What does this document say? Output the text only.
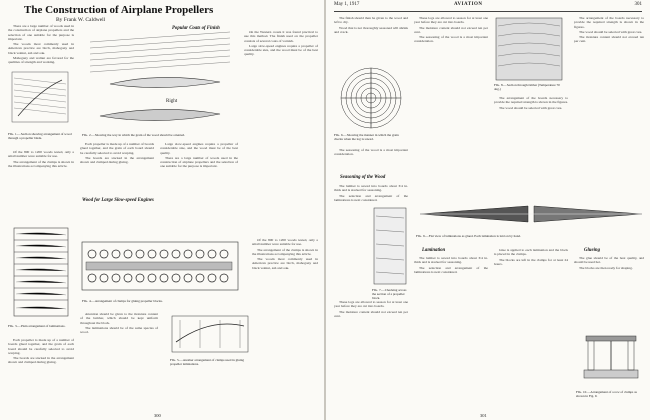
The Construction of Airplane Propellers
By Frank W. Caldwell

There are a large number of woods used in the construction of airplane propellers and the selection of one suitable for the purpose is important.

The woods most commonly used in American practice are birch, mahogany and black walnut, ash and oak.

Mahogany and walnut are favored for the qualities of strength and working.

FIG. 1.—Section showing arrangement of wood through a propeller blade.

Of the 800 to 1200 woods tested, only a small number were suitable for use.

The arrangement of the clamps is shown in the illustrations accompanying this article.

FIG. 3.—Plain arrangement of laminations.

Each propeller is made up of a number of boards glued together, and the grain of each board should be carefully selected to avoid warping.

The boards are stacked in the arrangement shown and clamped during gluing.

Right
FIG. 2.—Showing the way in which the grain of the wood should be oriented.

Each propeller is made up of a number of boards glued together, and the grain of each board should be carefully selected to avoid warping.

The boards are stacked in the arrangement shown and clamped during gluing.

Wood for Large Slow-speed Engines
Popular Coats of Finish

On the Western coasts it was found practical to use this method. The finish used on the propeller consists of several coats of varnish.

Large slow-speed engines require a propeller of considerable size, and the wood must be of the best quality.

Large slow-speed engines require a propeller of considerable size, and the wood must be of the best quality.

There are a large number of woods used in the construction of airplane propellers and the selection of one suitable for the purpose is important.

FIG. 4.—Arrangement of clamps for gluing propeller blocks.

Attention should be given to the moisture content of the lumber, which should be kept uniform throughout the block.

The laminations should be of the same species of wood.

FIG. 5.—Another arrangement of clamps used in gluing propeller laminations.

Of the 800 to 1200 woods tested, only a small number were suitable for use.

The arrangement of the clamps is shown in the illustrations accompanying this article.

The woods most commonly used in American practice are birch, mahogany and black walnut, ash and oak.

300
May 1, 1917	AVIATION	301

The finish should then be given to the wood and left to dry.

Wood that is not thoroughly seasoned will shrink and crack.

FIG. 6.—Showing the manner in which the grain checks when the log is sawed.

The seasoning of the wood is a most important consideration.

Seasoning of the Wood

The lumber is sawed into boards about 3/4 in. thick and is stacked for seasoning.

The selection and arrangement of the laminations is next considered.

FIG. 7.—Checking across the section of a propeller block.

These logs are allowed to season for at least one year before they are cut into boards.

The moisture content should not exceed ten per cent.

These logs are allowed to season for at least one year before they are cut into boards.

The moisture content should not exceed ten per cent.

The seasoning of the wood is a most important consideration.

FIG. 8.—Section through timber (Temperature 70 deg.)

The arrangement of the boards necessary to provide the required strength is shown in the figures.

The wood should be selected with great care.

The arrangement of the boards necessary to provide the required strength is shown in the figures.

The wood should be selected with great care.

The moisture content should not exceed ten per cent.

FIG. 9.—Flat view of laminations as glued. Each lamination is laid on by hand.
Lamination

The lumber is sawed into boards about 3/4 in. thick and is stacked for seasoning.

The selection and arrangement of the laminations is next considered.

Glue is applied to each lamination and the block is placed in the clamps.

The blocks are left in the clamps for at least 24 hours.

Glueing

The glue should be of the best quality, and should be used hot.

The blocks are then ready for shaping.

FIG. 10.—Arrangement of a row of clamps as shown in Fig. 9.
301
